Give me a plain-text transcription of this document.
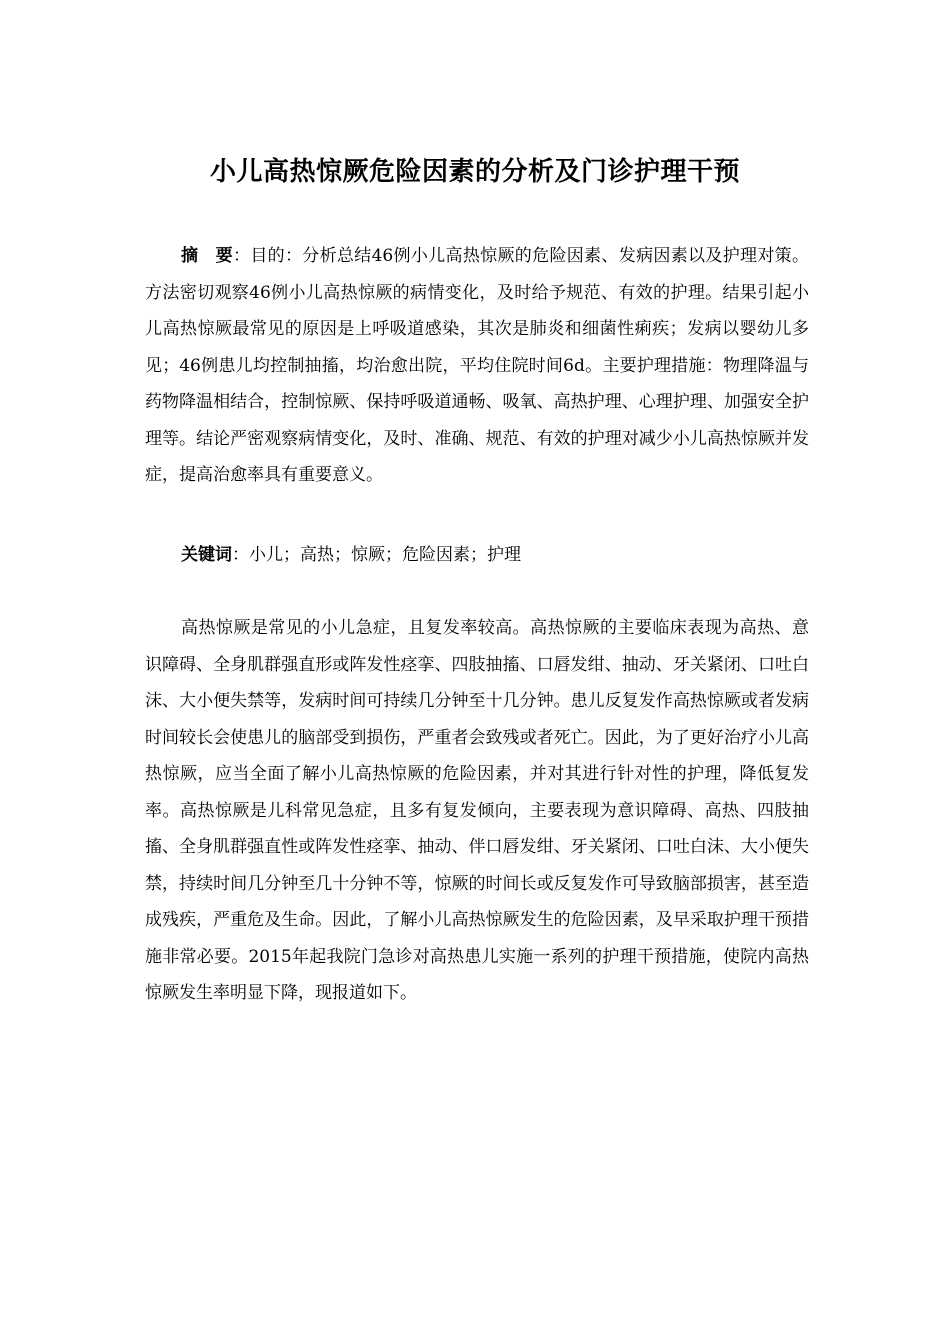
小儿高热惊厥危险因素的分析及门诊护理干预

摘　要：目的：分析总结46例小儿高热惊厥的危险因素、发病因素以及护理对策。方法密切观察46例小儿高热惊厥的病情变化，及时给予规范、有效的护理。结果引起小儿高热惊厥最常见的原因是上呼吸道感染，其次是肺炎和细菌性痢疾；发病以婴幼儿多见；46例患儿均控制抽搐，均治愈出院，平均住院时间6d。主要护理措施：物理降温与药物降温相结合，控制惊厥、保持呼吸道通畅、吸氧、高热护理、心理护理、加强安全护理等。结论严密观察病情变化，及时、准确、规范、有效的护理对减少小儿高热惊厥并发症，提高治愈率具有重要意义。

关键词：小儿；高热；惊厥；危险因素；护理

高热惊厥是常见的小儿急症，且复发率较高。高热惊厥的主要临床表现为高热、意识障碍、全身肌群强直形或阵发性痉挛、四肢抽搐、口唇发绀、抽动、牙关紧闭、口吐白沫、大小便失禁等，发病时间可持续几分钟至十几分钟。患儿反复发作高热惊厥或者发病时间较长会使患儿的脑部受到损伤，严重者会致残或者死亡。因此，为了更好治疗小儿高热惊厥，应当全面了解小儿高热惊厥的危险因素，并对其进行针对性的护理，降低复发率。高热惊厥是儿科常见急症，且多有复发倾向，主要表现为意识障碍、高热、四肢抽搐、全身肌群强直性或阵发性痉挛、抽动、伴口唇发绀、牙关紧闭、口吐白沫、大小便失禁，持续时间几分钟至几十分钟不等，惊厥的时间长或反复发作可导致脑部损害，甚至造成残疾，严重危及生命。因此，了解小儿高热惊厥发生的危险因素，及早采取护理干预措施非常必要。2015年起我院门急诊对高热患儿实施一系列的护理干预措施，使院内高热惊厥发生率明显下降，现报道如下。
